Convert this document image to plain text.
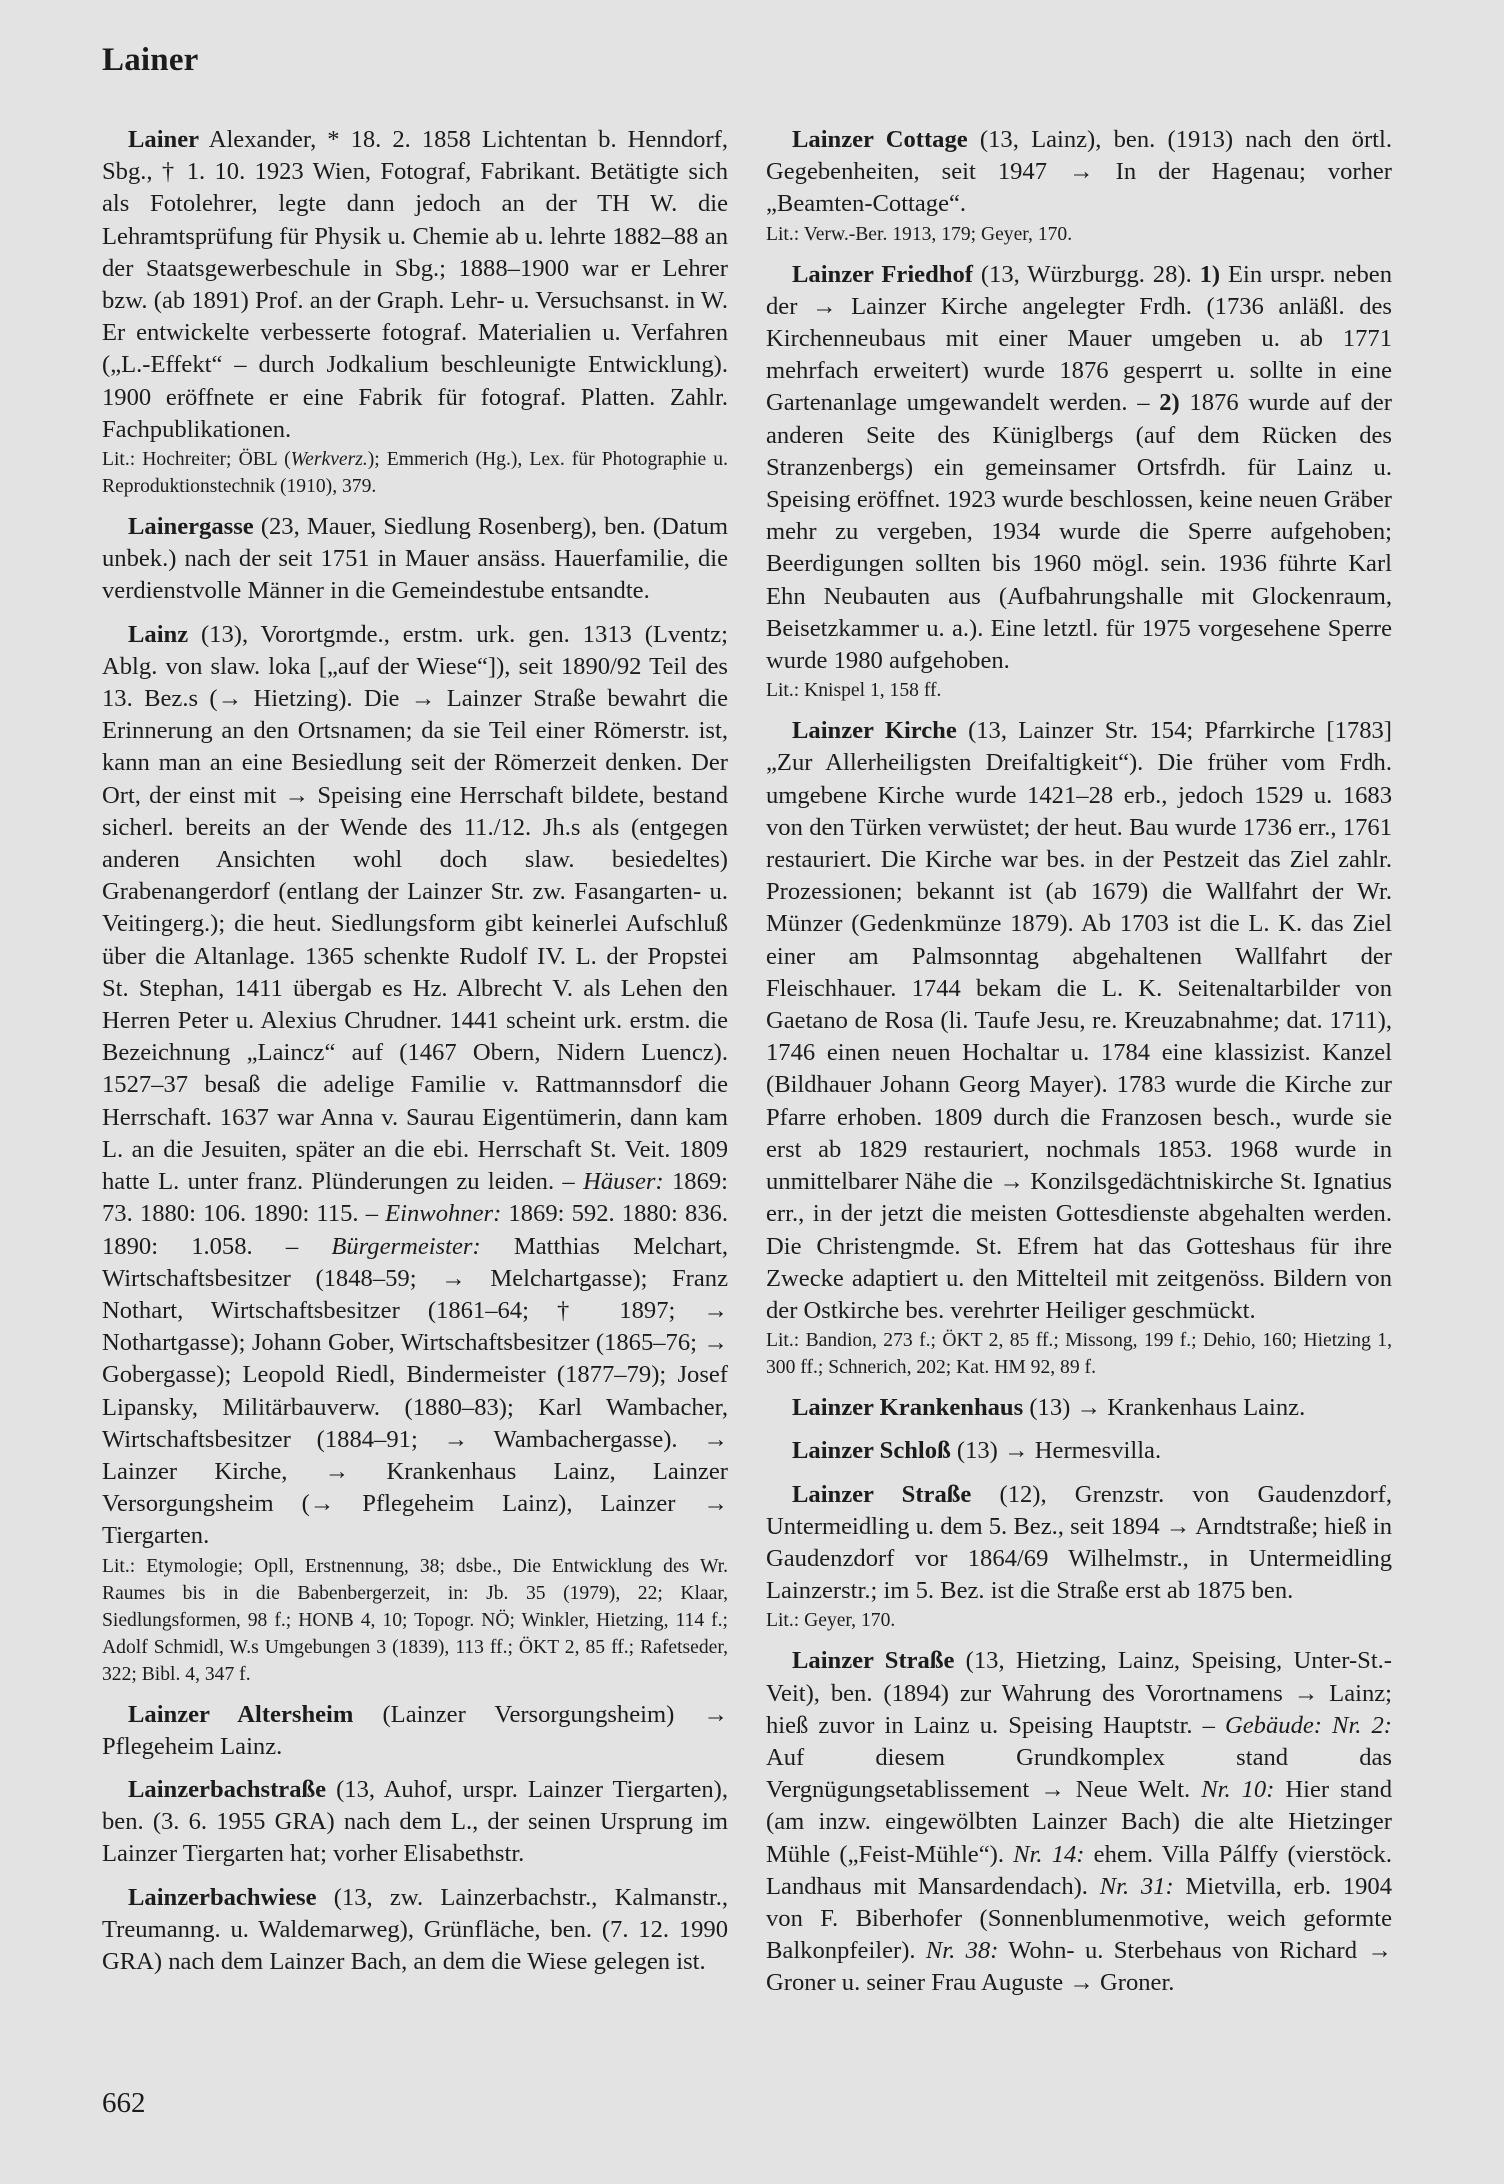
Lainer

Lainer Alexander, * 18. 2. 1858 Lichtentan b. Henndorf, Sbg., † 1. 10. 1923 Wien, Fotograf, Fabrikant. Betätigte sich als Fotolehrer, legte dann jedoch an der TH W. die Lehramtsprüfung für Physik u. Chemie ab u. lehrte 1882–88 an der Staatsgewerbeschule in Sbg.; 1888–1900 war er Lehrer bzw. (ab 1891) Prof. an der Graph. Lehr- u. Versuchsanst. in W. Er entwickelte verbesserte fotograf. Materialien u. Verfahren („L.-Effekt“ – durch Jodkalium beschleunigte Entwicklung). 1900 eröffnete er eine Fabrik für fotograf. Platten. Zahlr. Fachpublikationen.

Lit.: Hochreiter; ÖBL (Werkverz.); Emmerich (Hg.), Lex. für Photographie u. Reproduktionstechnik (1910), 379.

Lainergasse (23, Mauer, Siedlung Rosenberg), ben. (Datum unbek.) nach der seit 1751 in Mauer ansäss. Hauerfamilie, die verdienstvolle Männer in die Gemeindestube entsandte.

Lainz (13), Vorortgmde., erstm. urk. gen. 1313 (Lventz; Ablg. von slaw. loka [„auf der Wiese“]), seit 1890/92 Teil des 13. Bez.s (→ Hietzing). Die → Lainzer Straße bewahrt die Erinnerung an den Ortsnamen; da sie Teil einer Römerstr. ist, kann man an eine Besiedlung seit der Römerzeit denken. Der Ort, der einst mit → Speising eine Herrschaft bildete, bestand sicherl. bereits an der Wende des 11./12. Jh.s als (entgegen anderen Ansichten wohl doch slaw. besiedeltes) Grabenangerdorf (entlang der Lainzer Str. zw. Fasangarten- u. Veitingerg.); die heut. Siedlungsform gibt keinerlei Aufschluß über die Altanlage. 1365 schenkte Rudolf IV. L. der Propstei St. Stephan, 1411 übergab es Hz. Albrecht V. als Lehen den Herren Peter u. Alexius Chrudner. 1441 scheint urk. erstm. die Bezeichnung „Laincz“ auf (1467 Obern, Nidern Luencz). 1527–37 besaß die adelige Familie v. Rattmannsdorf die Herrschaft. 1637 war Anna v. Saurau Eigentümerin, dann kam L. an die Jesuiten, später an die ebi. Herrschaft St. Veit. 1809 hatte L. unter franz. Plünderungen zu leiden. – Häuser: 1869: 73. 1880: 106. 1890: 115. – Einwohner: 1869: 592. 1880: 836. 1890: 1.058. – Bürgermeister: Matthias Melchart, Wirtschaftsbesitzer (1848–59; → Melchartgasse); Franz Nothart, Wirtschaftsbesitzer (1861–64; † 1897; → Nothartgasse); Johann Gober, Wirtschaftsbesitzer (1865–76; → Gobergasse); Leopold Riedl, Bindermeister (1877–79); Josef Lipansky, Militärbauverw. (1880–83); Karl Wambacher, Wirtschaftsbesitzer (1884–91; → Wambachergasse). → Lainzer Kirche, → Krankenhaus Lainz, Lainzer Versorgungsheim (→ Pflegeheim Lainz), Lainzer → Tiergarten.

Lit.: Etymologie; Opll, Erstnennung, 38; dsbe., Die Entwicklung des Wr. Raumes bis in die Babenbergerzeit, in: Jb. 35 (1979), 22; Klaar, Siedlungsformen, 98 f.; HONB 4, 10; Topogr. NÖ; Winkler, Hietzing, 114 f.; Adolf Schmidl, W.s Umgebungen 3 (1839), 113 ff.; ÖKT 2, 85 ff.; Rafetseder, 322; Bibl. 4, 347 f.

Lainzer Altersheim (Lainzer Versorgungsheim) → Pflegeheim Lainz.

Lainzerbachstraße (13, Auhof, urspr. Lainzer Tiergarten), ben. (3. 6. 1955 GRA) nach dem L., der seinen Ursprung im Lainzer Tiergarten hat; vorher Elisabethstr.

Lainzerbachwiese (13, zw. Lainzerbachstr., Kalmanstr., Treumanng. u. Waldemarweg), Grünfläche, ben. (7. 12. 1990 GRA) nach dem Lainzer Bach, an dem die Wiese gelegen ist.

Lainzer Cottage (13, Lainz), ben. (1913) nach den örtl. Gegebenheiten, seit 1947 → In der Hagenau; vorher „Beamten-Cottage“.

Lit.: Verw.-Ber. 1913, 179; Geyer, 170.

Lainzer Friedhof (13, Würzburgg. 28). 1) Ein urspr. neben der → Lainzer Kirche angelegter Frdh. (1736 anläßl. des Kirchenneubaus mit einer Mauer umgeben u. ab 1771 mehrfach erweitert) wurde 1876 gesperrt u. sollte in eine Gartenanlage umgewandelt werden. – 2) 1876 wurde auf der anderen Seite des Küniglbergs (auf dem Rücken des Stranzenbergs) ein gemeinsamer Ortsfrdh. für Lainz u. Speising eröffnet. 1923 wurde beschlossen, keine neuen Gräber mehr zu vergeben, 1934 wurde die Sperre aufgehoben; Beerdigungen sollten bis 1960 mögl. sein. 1936 führte Karl Ehn Neubauten aus (Aufbahrungshalle mit Glockenraum, Beisetzkammer u. a.). Eine letztl. für 1975 vorgesehene Sperre wurde 1980 aufgehoben.

Lit.: Knispel 1, 158 ff.

Lainzer Kirche (13, Lainzer Str. 154; Pfarrkirche [1783] „Zur Allerheiligsten Dreifaltigkeit“). Die früher vom Frdh. umgebene Kirche wurde 1421–28 erb., jedoch 1529 u. 1683 von den Türken verwüstet; der heut. Bau wurde 1736 err., 1761 restauriert. Die Kirche war bes. in der Pestzeit das Ziel zahlr. Prozessionen; bekannt ist (ab 1679) die Wallfahrt der Wr. Münzer (Gedenkmünze 1879). Ab 1703 ist die L. K. das Ziel einer am Palmsonntag abgehaltenen Wallfahrt der Fleischhauer. 1744 bekam die L. K. Seitenaltarbilder von Gaetano de Rosa (li. Taufe Jesu, re. Kreuzabnahme; dat. 1711), 1746 einen neuen Hochaltar u. 1784 eine klassizist. Kanzel (Bildhauer Johann Georg Mayer). 1783 wurde die Kirche zur Pfarre erhoben. 1809 durch die Franzosen besch., wurde sie erst ab 1829 restauriert, nochmals 1853. 1968 wurde in unmittelbarer Nähe die → Konzilsgedächtniskirche St. Ignatius err., in der jetzt die meisten Gottesdienste abgehalten werden. Die Christengmde. St. Efrem hat das Gotteshaus für ihre Zwecke adaptiert u. den Mittelteil mit zeitgenöss. Bildern von der Ostkirche bes. verehrter Heiliger geschmückt.

Lit.: Bandion, 273 f.; ÖKT 2, 85 ff.; Missong, 199 f.; Dehio, 160; Hietzing 1, 300 ff.; Schnerich, 202; Kat. HM 92, 89 f.

Lainzer Krankenhaus (13) → Krankenhaus Lainz.

Lainzer Schloß (13) → Hermesvilla.

Lainzer Straße (12), Grenzstr. von Gaudenzdorf, Untermeidling u. dem 5. Bez., seit 1894 → Arndtstraße; hieß in Gaudenzdorf vor 1864/69 Wilhelmstr., in Untermeidling Lainzerstr.; im 5. Bez. ist die Straße erst ab 1875 ben.

Lit.: Geyer, 170.

Lainzer Straße (13, Hietzing, Lainz, Speising, Unter-St.-Veit), ben. (1894) zur Wahrung des Vorortnamens → Lainz; hieß zuvor in Lainz u. Speising Hauptstr. – Gebäude: Nr. 2: Auf diesem Grundkomplex stand das Vergnügungsetablissement → Neue Welt. Nr. 10: Hier stand (am inzw. eingewölbten Lainzer Bach) die alte Hietzinger Mühle („Feist-Mühle“). Nr. 14: ehem. Villa Pálffy (vierstöck. Landhaus mit Mansardendach). Nr. 31: Mietvilla, erb. 1904 von F. Biberhofer (Sonnenblumenmotive, weich geformte Balkonpfeiler). Nr. 38: Wohn- u. Sterbehaus von Richard → Groner u. seiner Frau Auguste → Groner.

662
